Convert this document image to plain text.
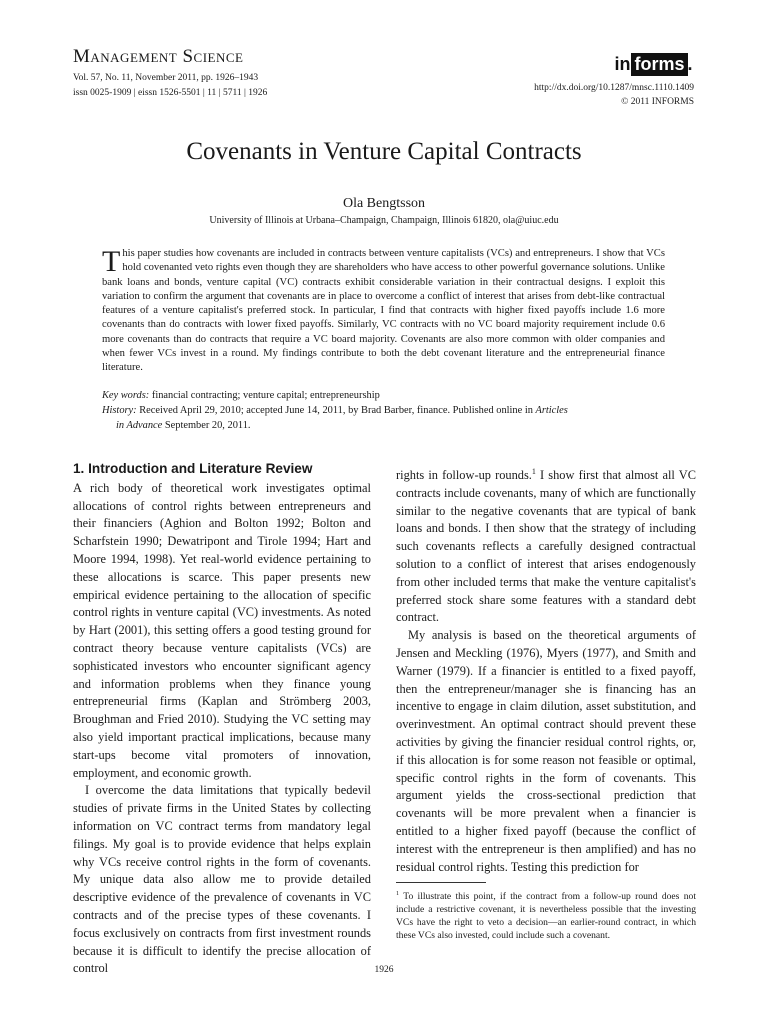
Management Science
Vol. 57, No. 11, November 2011, pp. 1926–1943
issn 0025-1909 | eissn 1526-5501 | 11 | 5711 | 1926
in forms .
http://dx.doi.org/10.1287/mnsc.1110.1409
© 2011 INFORMS
Covenants in Venture Capital Contracts
Ola Bengtsson
University of Illinois at Urbana–Champaign, Champaign, Illinois 61820, ola@uiuc.edu
T his paper studies how covenants are included in contracts between venture capitalists (VCs) and entrepreneurs. I show that VCs hold covenanted veto rights even though they are shareholders who have access to other powerful governance solutions. Unlike bank loans and bonds, venture capital (VC) contracts exhibit considerable variation in their contractual designs. I exploit this variation to confirm the argument that covenants are in place to overcome a conflict of interest that arises from debt-like contractual features of a venture capitalist's preferred stock. In particular, I find that contracts with higher fixed payoffs include 1.6 more covenants than do contracts with lower fixed payoffs. Similarly, VC contracts with no VC board majority requirement include 0.6 more covenants than do contracts that require a VC board majority. Covenants are also more common with older companies and when fewer VCs invest in a round. My findings contribute to both the debt covenant literature and the entrepreneurial finance literature.

Key words: financial contracting; venture capital; entrepreneurship
History: Received April 29, 2010; accepted June 14, 2011, by Brad Barber, finance. Published online in Articles
in Advance September 20, 2011.
1. Introduction and Literature Review

A rich body of theoretical work investigates optimal allocations of control rights between entrepreneurs and their financiers (Aghion and Bolton 1992; Bolton and Scharfstein 1990; Dewatripont and Tirole 1994; Hart and Moore 1994, 1998). Yet real-world evidence pertaining to these allocations is scarce. This paper presents new empirical evidence pertaining to the allocation of specific control rights in venture capital (VC) investments. As noted by Hart (2001), this setting offers a good testing ground for contract theory because venture capitalists (VCs) are sophisticated investors who encounter significant agency and information problems when they finance young entrepreneurial firms (Kaplan and Strömberg 2003, Broughman and Fried 2010). Studying the VC setting may also yield important practical implications, because many start-ups become vital promoters of innovation, employment, and economic growth.

I overcome the data limitations that typically bedevil studies of private firms in the United States by collecting information on VC contract terms from mandatory legal filings. My goal is to provide evidence that helps explain why VCs receive control rights in the form of covenants. My unique data also allow me to provide detailed descriptive evidence of the prevalence of covenants in VC contracts and of the precise types of these covenants. I focus exclusively on contracts from first investment rounds because it is difficult to identify the precise allocation of control

rights in follow-up rounds.$^1$ I show first that almost all VC contracts include covenants, many of which are functionally similar to the negative covenants that are typical of bank loans and bonds. I then show that the strategy of including such covenants reflects a carefully designed contractual solution to a conflict of interest that arises endogenously from other included terms that make the venture capitalist's preferred stock share some features with a standard debt contract.

My analysis is based on the theoretical arguments of Jensen and Meckling (1976), Myers (1977), and Smith and Warner (1979). If a financier is entitled to a fixed payoff, then the entrepreneur/manager she is financing has an incentive to engage in claim dilution, asset substitution, and overinvestment. An optimal contract should prevent these activities by giving the financier residual control rights, or, if this allocation is for some reason not feasible or optimal, specific control rights in the form of covenants. This argument yields the cross-sectional prediction that covenants will be more prevalent when a financier is entitled to a higher fixed payoff (because the conflict of interest with the entrepreneur is then amplified) and has no residual control rights. Testing this prediction for

$^1$ To illustrate this point, if the contract from a follow-up round does not include a restrictive covenant, it is nevertheless possible that the investing VCs have the right to veto a decision—an earlier-round contract, in which these VCs also invested, could include such a covenant.
1926
